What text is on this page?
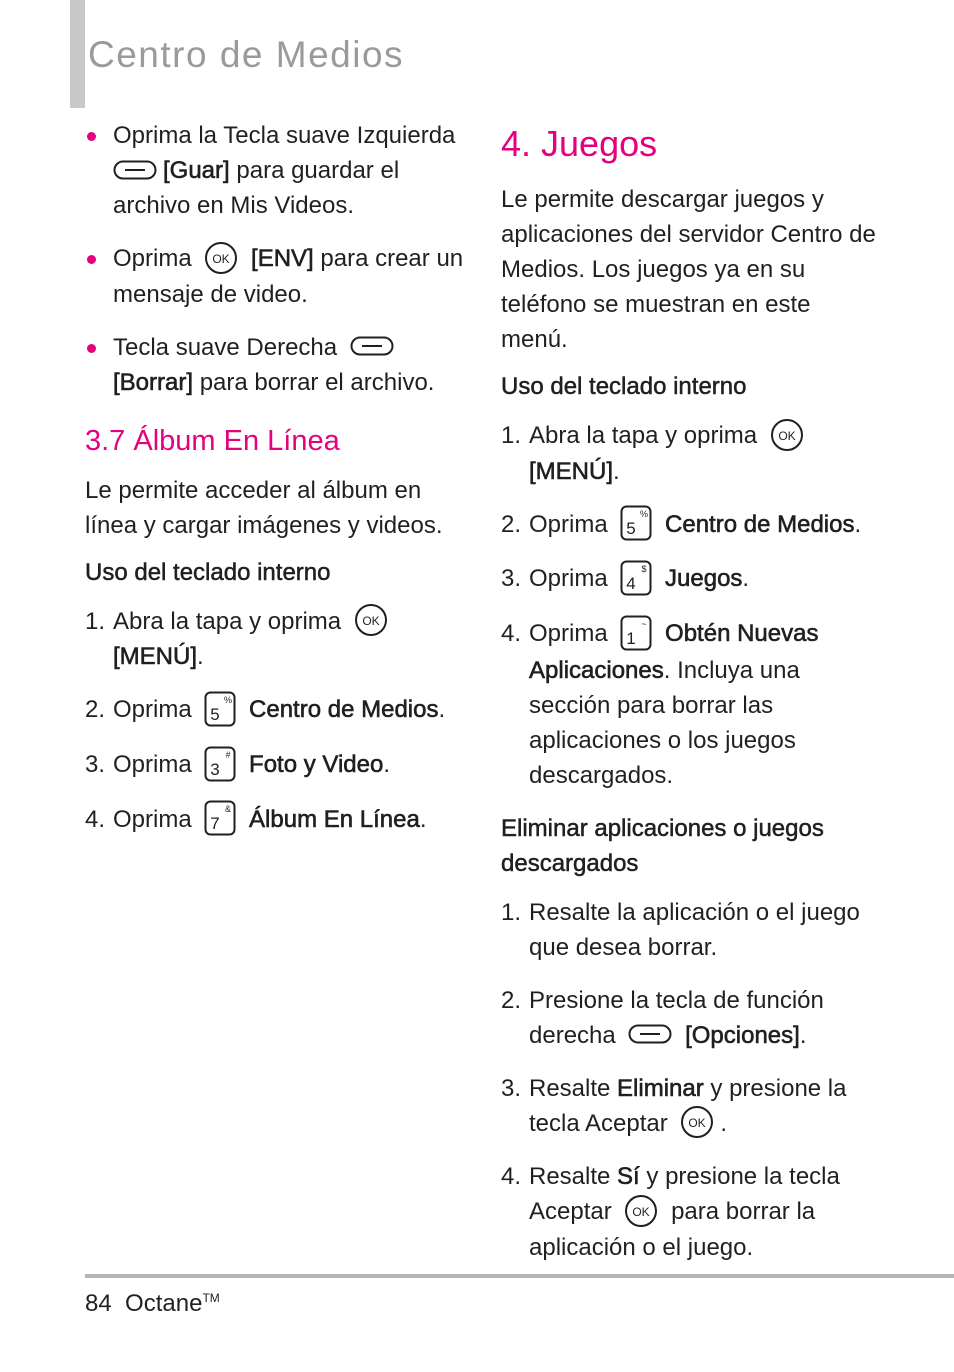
Centro de Medios
Oprima la Tecla suave Izquierda
[Guar] para guardar el archivo en Mis Videos.
Oprima OK [ENV] para crear un mensaje de video.
Tecla suave Derecha
[Borrar] para borrar el archivo.
3.7 Álbum En Línea
Le permite acceder al álbum en línea y cargar imágenes y videos.
Uso del teclado interno
1. Abra la tapa y oprima OK

[MENÚ].
2. Oprima 5
% Centro de Medios.
3. Oprima 3
# Foto y Video.
4. Oprima 7
& Álbum En Línea.
4. Juegos
Le permite descargar juegos y aplicaciones del servidor Centro de Medios. Los juegos ya en su teléfono se muestran en este menú.
Uso del teclado interno
1. Abra la tapa y oprima OK

[MENÚ].
2. Oprima 5
% Centro de Medios.
3. Oprima 4
$ Juegos.
4. Oprima 1
~ Obtén Nuevas Aplicaciones. Incluya una sección para borrar las aplicaciones o los juegos descargados.
Eliminar aplicaciones o juegos descargados
1. Resalte la aplicación o el juego que desea borrar.
2. Presione la tecla de función derecha	[Opciones].
3. Resalte Eliminar y presione la tecla Aceptar OK .
4. Resalte Sí y presione la tecla Aceptar OK para borrar la aplicación o el juego.
84 Octane™
